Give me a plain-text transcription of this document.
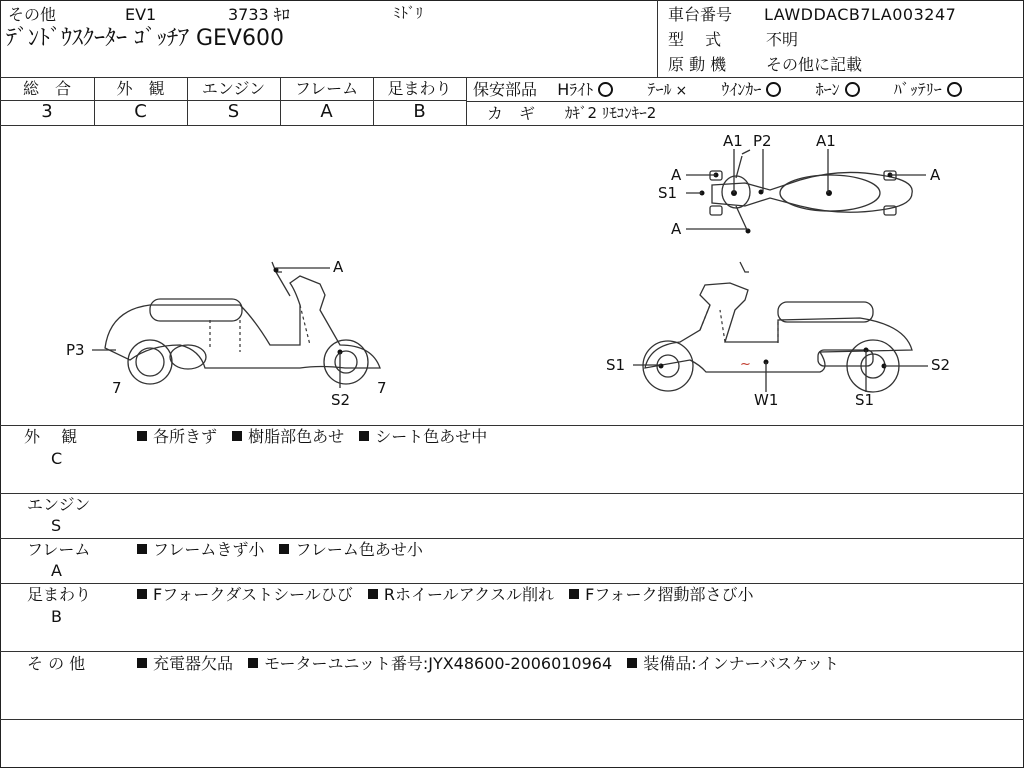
その他	EV1	3733 ｷﾛ	ﾐﾄﾞﾘ
ﾃﾞﾝﾄﾞｳｽｸｰﾀｰ ｺﾞｯﾁｱ GEV600
車台番号 LAWDDACB7LA003247
型　 式	不明
原 動 機 その他に記載
総　合	外　観	エンジン	フレーム	足まわり
3	C	S	A	B
保安部品 Hﾗｲﾄ	ﾃｰﾙ × ｳｲﾝｶｰ	ﾎｰﾝ	ﾊﾞｯﾃﾘｰ
カ　ギ ｶｷﾞ2 ﾘﾓｺﾝｷｰ2
A1 P2	A1
A	A
S1
A
A
P3
7	7
S2
S1	S2
W1	S1
~
外　 観
C
各所きず 樹脂部色あせ シート色あせ中
エンジン
S
フレーム
A
フレームきず小 フレーム色あせ小
足まわり
B
Fフォークダストシールひび Rホイールアクスル削れ Fフォーク摺動部さび小
そ の 他	充電器欠品 モーターユニット番号:JYX48600-2006010964 装備品:インナーバスケット
